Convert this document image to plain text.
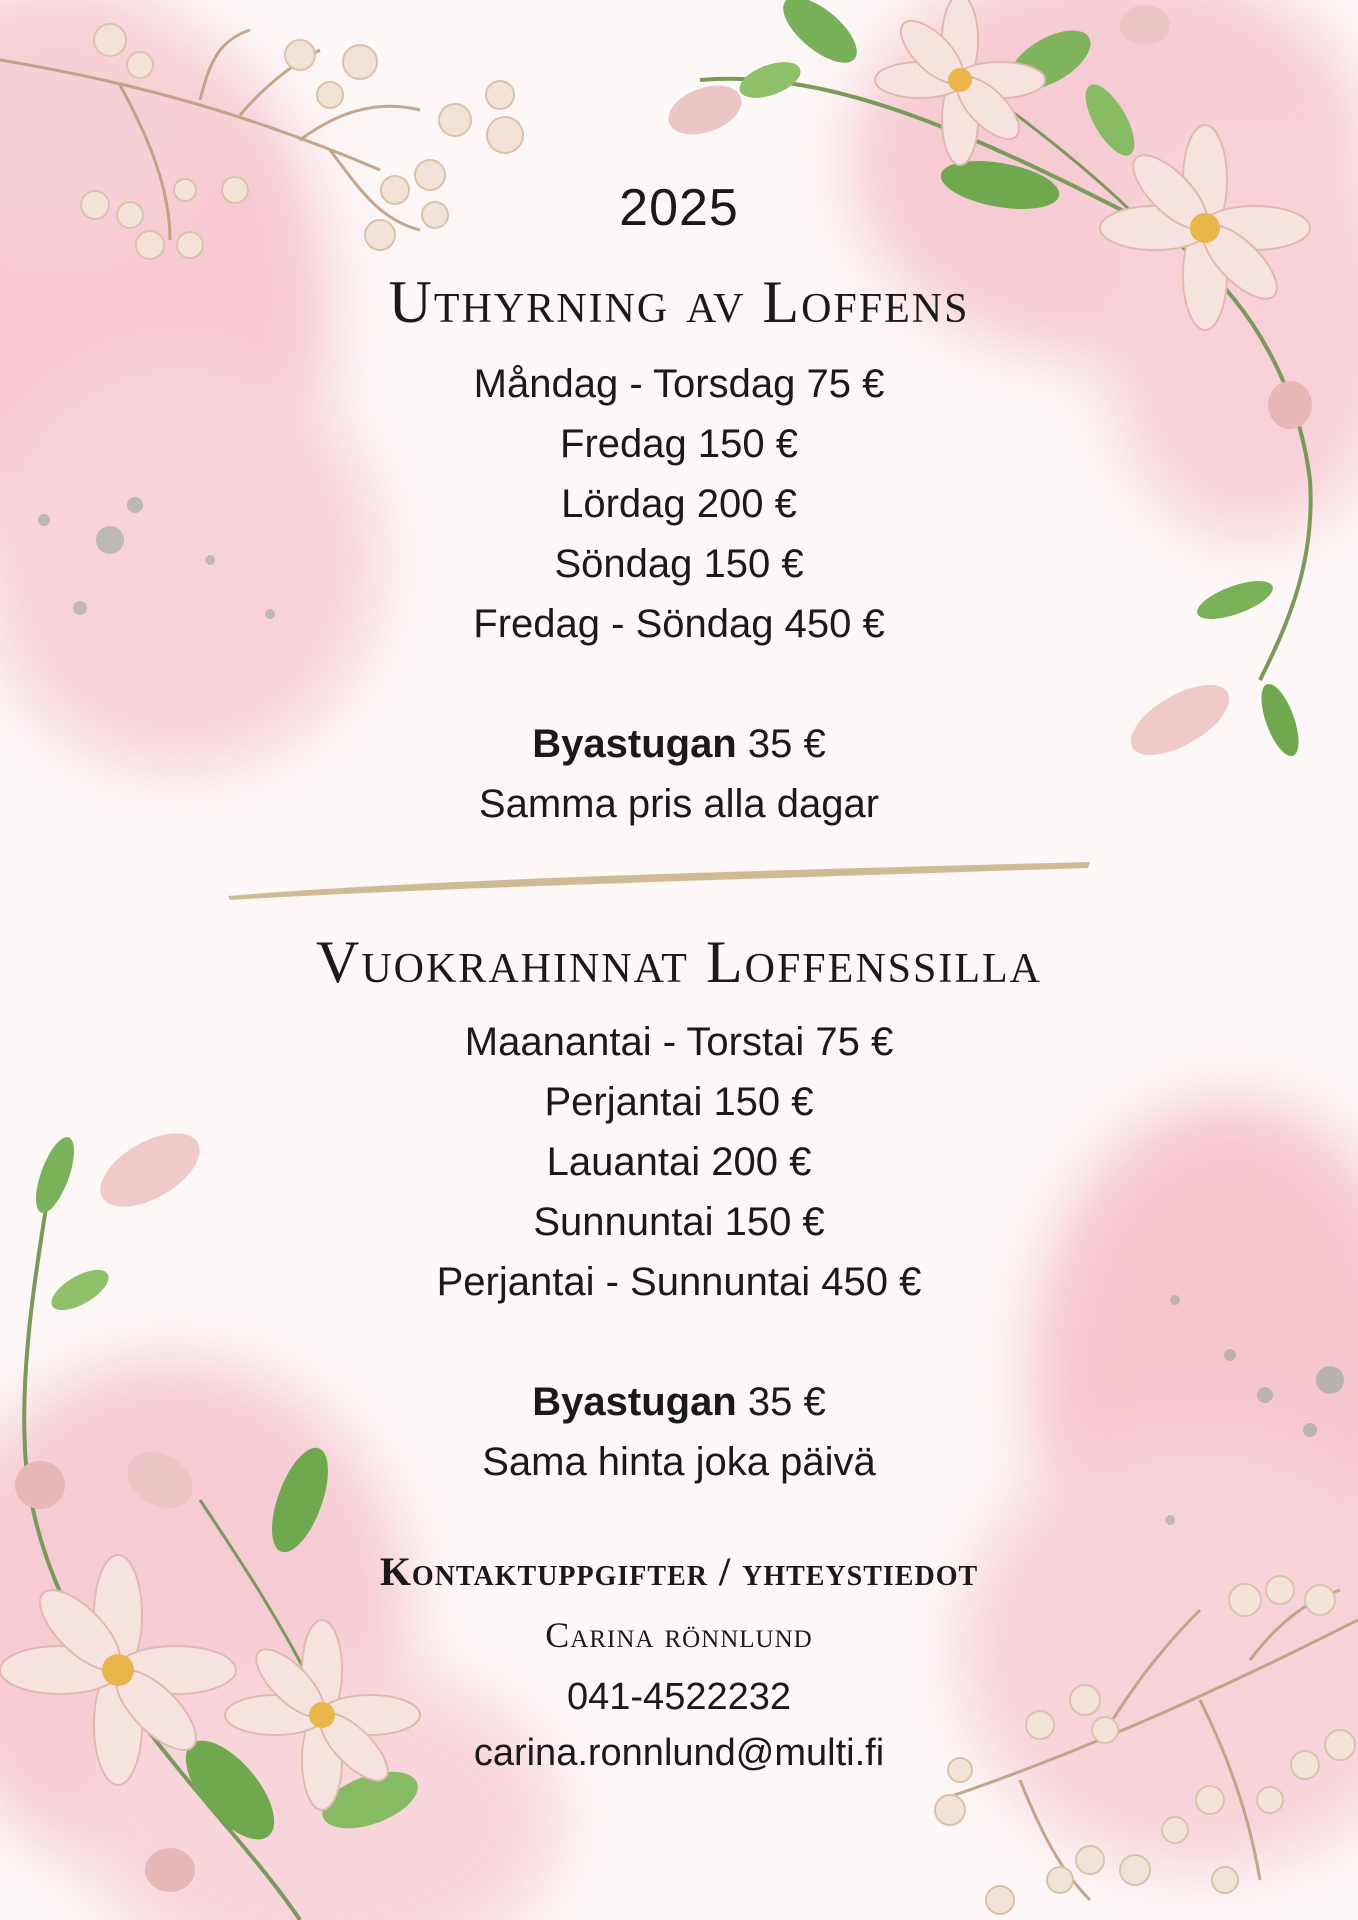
2025
Uthyrning av Loffens
Måndag - Torsdag 75 €
Fredag 150 €
Lördag 200 €
Söndag 150 €
Fredag - Söndag 450 €
Byastugan 35 €
Samma pris alla dagar
Vuokrahinnat Loffenssilla
Maanantai - Torstai 75 €
Perjantai 150 €
Lauantai 200 €
Sunnuntai 150 €
Perjantai - Sunnuntai 450 €
Byastugan 35 €
Sama hinta joka päivä
Kontaktuppgifter / yhteystiedot
Carina rönnlund
041-4522232
carina.ronnlund@multi.fi
